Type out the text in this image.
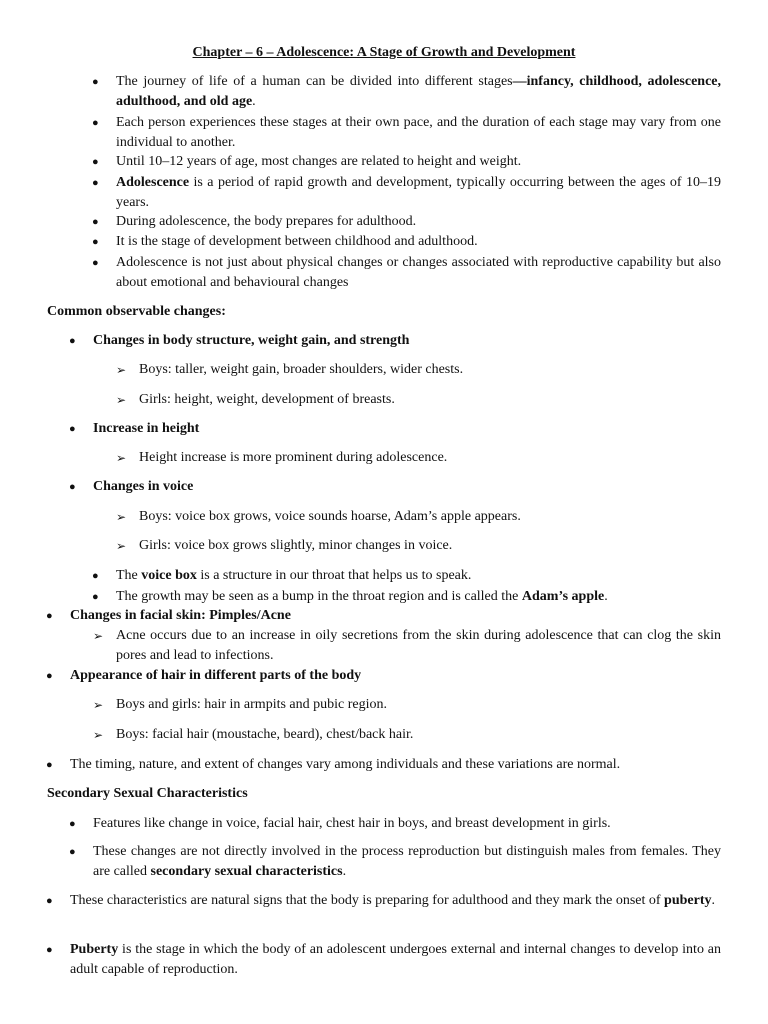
Chapter – 6 – Adolescence: A Stage of Growth and Development
● The journey of life of a human can be divided into different stages—infancy, childhood, adolescence, adulthood, and old age.
● Each person experiences these stages at their own pace, and the duration of each stage may vary from one individual to another.
● Until 10–12 years of age, most changes are related to height and weight.
● Adolescence is a period of rapid growth and development, typically occurring between the ages of 10–19 years.
● During adolescence, the body prepares for adulthood.
● It is the stage of development between childhood and adulthood.
● Adolescence is not just about physical changes or changes associated with reproductive capability but also about emotional and behavioural changes
Common observable changes:
● Changes in body structure, weight gain, and strength
➢ Boys: taller, weight gain, broader shoulders, wider chests.
➢ Girls: height, weight, development of breasts.
● Increase in height
➢ Height increase is more prominent during adolescence.
● Changes in voice
➢ Boys: voice box grows, voice sounds hoarse, Adam’s apple appears.
➢ Girls: voice box grows slightly, minor changes in voice.
● The voice box is a structure in our throat that helps us to speak.
● The growth may be seen as a bump in the throat region and is called the Adam’s apple.
● Changes in facial skin: Pimples/Acne
➢ Acne occurs due to an increase in oily secretions from the skin during adolescence that can clog the skin pores and lead to infections.
● Appearance of hair in different parts of the body
➢ Boys and girls: hair in armpits and pubic region.
➢ Boys: facial hair (moustache, beard), chest/back hair.
● The timing, nature, and extent of changes vary among individuals and these variations are normal.
Secondary Sexual Characteristics
● Features like change in voice, facial hair, chest hair in boys, and breast development in girls.
● These changes are not directly involved in the process reproduction but distinguish males from females. They are called secondary sexual characteristics.
● These characteristics are natural signs that the body is preparing for adulthood and they mark the onset of puberty.
● Puberty is the stage in which the body of an adolescent undergoes external and internal changes to develop into an adult capable of reproduction.
